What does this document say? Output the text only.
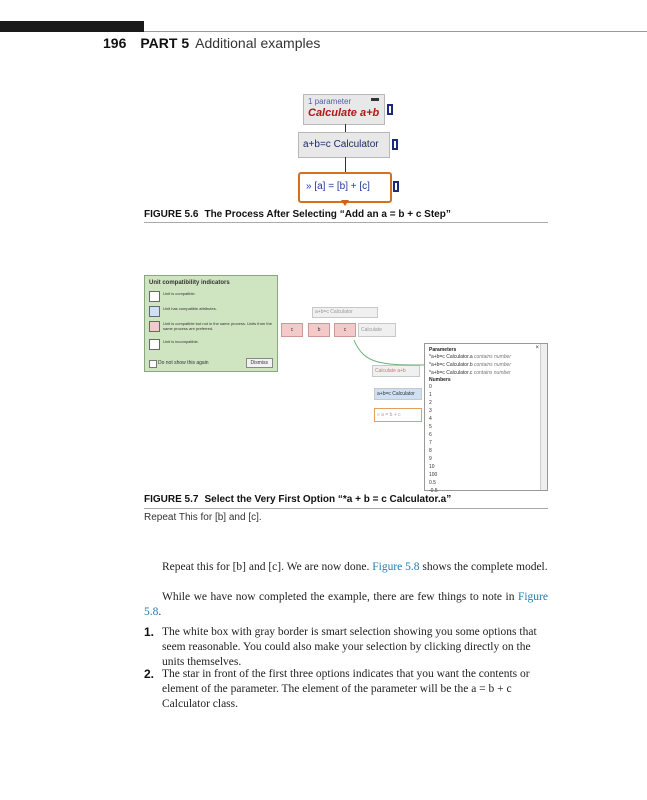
196 PART 5 Additional examples
1 parameter
Calculate a+b
a+b=c Calculator
» [a] = [b] + [c]
FIGURE 5.6 The Process After Selecting “Add an a = b + c Step”
Unit compatibility indicators
Unit is compatible.
Unit has compatible attributes.
Unit is compatible but not in the same process. Units from the same process are preferred.
Unit is incompatible.
Do not show this again	Dismiss
a+b=c Calculator
c	b	c	Calculate
Calculate a+b
a+b=c Calculator
» a = b + c
×
Parameters
*a+b=c Calculator.a contains number
*a+b=c Calculator.b contains number
*a+b=c Calculator.c contains number
Numbers
0
1
2
3
4
5
6
7
8
9
10
100
0.5
-0.5
FIGURE 5.7 Select the Very First Option “*a + b = c Calculator.a”
Repeat This for [b] and [c].

Repeat this for [b] and [c]. We are now done. Figure 5.8 shows the complete model.

While we have now completed the example, there are few things to note in Figure 5.8.

1. The white box with gray border is smart selection showing you some options that seem reasonable. You could also make your selection by clicking directly on the units themselves.
2. The star in front of the first three options indicates that you want the contents or element of the parameter. The element of the parameter will be the a = b + c Calculator class.
